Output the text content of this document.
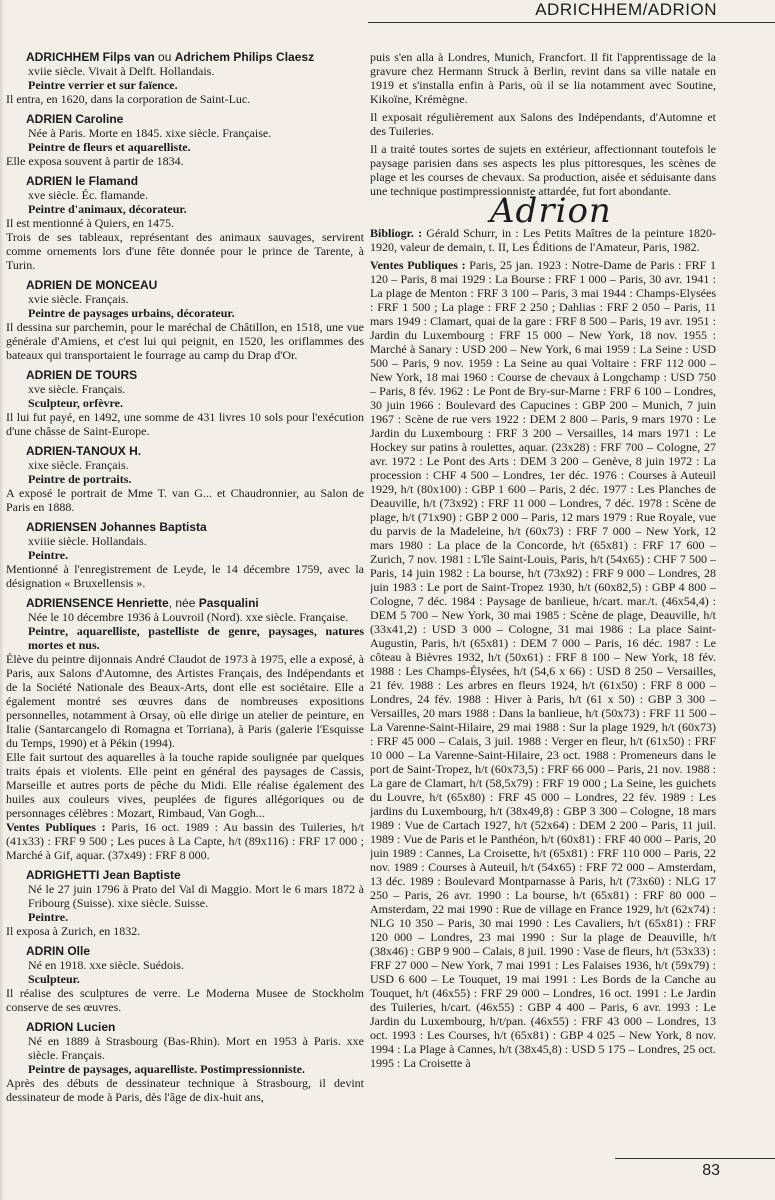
ADRICHHEM/ADRION
ADRICHHEM Filps van ou Adrichem Philips Claesz
xviie siècle. Vivait à Delft. Hollandais.
Peintre verrier et sur faïence.
Il entra, en 1620, dans la corporation de Saint-Luc.
ADRIEN Caroline
Née à Paris. Morte en 1845. xixe siècle. Française.
Peintre de fleurs et aquarelliste.
Elle exposa souvent à partir de 1834.
ADRIEN le Flamand
xve siècle. Éc. flamande.
Peintre d'animaux, décorateur.
Il est mentionné à Quiers, en 1475.
Trois de ses tableaux, représentant des animaux sauvages, servirent comme ornements lors d'une fête donnée pour le prince de Tarente, à Turin.
ADRIEN DE MONCEAU
xvie siècle. Français.
Peintre de paysages urbains, décorateur.
Il dessina sur parchemin, pour le maréchal de Châtillon, en 1518, une vue générale d'Amiens, et c'est lui qui peignit, en 1520, les oriflammes des bateaux qui transportaient le fourrage au camp du Drap d'Or.
ADRIEN DE TOURS
xve siècle. Français.
Sculpteur, orfèvre.
Il lui fut payé, en 1492, une somme de 431 livres 10 sols pour l'exécution d'une châsse de Saint-Europe.
ADRIEN-TANOUX H.
xixe siècle. Français.
Peintre de portraits.
A exposé le portrait de Mme T. van G... et Chaudronnier, au Salon de Paris en 1888.
ADRIENSEN Johannes Baptista
xviiie siècle. Hollandais.
Peintre.
Mentionné à l'enregistrement de Leyde, le 14 décembre 1759, avec la désignation « Bruxellensis ».
ADRIENSENCE Henriette, née Pasqualini
Née le 10 décembre 1936 à Louvroil (Nord). xxe siècle. Française.
Peintre, aquarelliste, pastelliste de genre, paysages, natures mortes et nus.
Élève du peintre dijonnais André Claudot de 1973 à 1975, elle a exposé, à Paris, aux Salons d'Automne, des Artistes Français, des Indépendants et de la Société Nationale des Beaux-Arts, dont elle est sociétaire. Elle a également montré ses œuvres dans de nombreuses expositions personnelles, notamment à Orsay, où elle dirige un atelier de peinture, en Italie (Santarcangelo di Romagna et Torriana), à Paris (galerie l'Esquisse du Temps, 1990) et à Pékin (1994).
Elle fait surtout des aquarelles à la touche rapide soulignée par quelques traits épais et violents. Elle peint en général des paysages de Cassis, Marseille et autres ports de pêche du Midi. Elle réalise également des huiles aux couleurs vives, peuplées de figures allégoriques ou de personnages célèbres : Mozart, Rimbaud, Van Gogh...
Ventes Publiques : Paris, 16 oct. 1989 : Au bassin des Tuileries, h/t (41x33) : FRF 9 500 ; Les puces à La Capte, h/t (89x116) : FRF 17 000 ; Marché à Gif, aquar. (37x49) : FRF 8 000.
ADRIGHETTI Jean Baptiste
Né le 27 juin 1796 à Prato del Val di Maggio. Mort le 6 mars 1872 à Fribourg (Suisse). xixe siècle. Suisse.
Peintre.
Il exposa à Zurich, en 1832.
ADRIN Olle
Né en 1918. xxe siècle. Suédois.
Sculpteur.
Il réalise des sculptures de verre. Le Moderna Musee de Stockholm conserve de ses œuvres.
ADRION Lucien
Né en 1889 à Strasbourg (Bas-Rhin). Mort en 1953 à Paris. xxe siècle. Français.
Peintre de paysages, aquarelliste. Postimpressionniste.
Après des débuts de dessinateur technique à Strasbourg, il devint dessinateur de mode à Paris, dès l'âge de dix-huit ans,

puis s'en alla à Londres, Munich, Francfort. Il fit l'apprentissage de la gravure chez Hermann Struck à Berlin, revint dans sa ville natale en 1919 et s'installa enfin à Paris, où il se lia notamment avec Soutine, Kikoïne, Krémègne.

Il exposait régulièrement aux Salons des Indépendants, d'Automne et des Tuileries.

Il a traité toutes sortes de sujets en extérieur, affectionnant toutefois le paysage parisien dans ses aspects les plus pittoresques, les scènes de plage et les courses de chevaux. Sa production, aisée et séduisante dans une technique postimpressionniste attardée, fut fort abondante.

Adrion

Bibliogr. : Gérald Schurr, in : Les Petits Maîtres de la peinture 1820-1920, valeur de demain, t. II, Les Éditions de l'Amateur, Paris, 1982.

Ventes Publiques : Paris, 25 jan. 1923 : Notre-Dame de Paris : FRF 1 120 – Paris, 8 mai 1929 : La Bourse : FRF 1 000 – Paris, 30 avr. 1941 : La plage de Menton : FRF 3 100 – Paris, 3 mai 1944 : Champs-Elysées : FRF 1 500 ; La plage : FRF 2 250 ; Dahlias : FRF 2 050 – Paris, 11 mars 1949 : Clamart, quai de la gare : FRF 8 500 – Paris, 19 avr. 1951 : Jardin du Luxembourg : FRF 15 000 – New York, 18 nov. 1955 : Marché à Sanary : USD 200 – New York, 6 mai 1959 : La Seine : USD 500 – Paris, 9 nov. 1959 : La Seine au quai Voltaire : FRF 112 000 – New York, 18 mai 1960 : Course de chevaux à Longchamp : USD 750 – Paris, 8 fév. 1962 : Le Pont de Bry-sur-Marne : FRF 6 100 – Londres, 30 juin 1966 : Boulevard des Capucines : GBP 200 – Munich, 7 juin 1967 : Scène de rue vers 1922 : DEM 2 800 – Paris, 9 mars 1970 : Le Jardin du Luxembourg : FRF 3 200 – Versailles, 14 mars 1971 : Le Hockey sur patins à roulettes, aquar. (23x28) : FRF 700 – Cologne, 27 avr. 1972 : Le Pont des Arts : DEM 3 200 – Genève, 8 juin 1972 : La procession : CHF 4 500 – Londres, 1er déc. 1976 : Courses à Auteuil 1929, h/t (80x100) : GBP 1 600 – Paris, 2 déc. 1977 : Les Planches de Deauville, h/t (73x92) : FRF 11 000 – Londres, 7 déc. 1978 : Scène de plage, h/t (71x90) : GBP 2 000 – Paris, 12 mars 1979 : Rue Royale, vue du parvis de la Madeleine, h/t (60x73) : FRF 7 000 – New York, 12 mars 1980 : La place de la Concorde, h/t (65x81) : FRF 17 600 – Zurich, 7 nov. 1981 : L'île Saint-Louis, Paris, h/t (54x65) : CHF 7 500 – Paris, 14 juin 1982 : La bourse, h/t (73x92) : FRF 9 000 – Londres, 28 juin 1983 : Le port de Saint-Tropez 1930, h/t (60x82,5) : GBP 4 800 – Cologne, 7 déc. 1984 : Paysage de banlieue, h/cart. mar./t. (46x54,4) : DEM 5 700 – New York, 30 mai 1985 : Scène de plage, Deauville, h/t (33x41,2) : USD 3 000 – Cologne, 31 mai 1986 : La place Saint-Augustin, Paris, h/t (65x81) : DEM 7 000 – Paris, 16 déc. 1987 : Le côteau à Bièvres 1932, h/t (50x61) : FRF 8 100 – New York, 18 fév. 1988 : Les Champs-Élysées, h/t (54,6 x 66) : USD 8 250 – Versailles, 21 fév. 1988 : Les arbres en fleurs 1924, h/t (61x50) : FRF 8 000 – Londres, 24 fév. 1988 : Hiver à Paris, h/t (61 x 50) : GBP 3 300 – Versailles, 20 mars 1988 : Dans la banlieue, h/t (50x73) : FRF 11 500 – La Varenne-Saint-Hilaire, 29 mai 1988 : Sur la plage 1929, h/t (60x73) : FRF 45 000 – Calais, 3 juil. 1988 : Verger en fleur, h/t (61x50) : FRF 10 000 – La Varenne-Saint-Hilaire, 23 oct. 1988 : Promeneurs dans le port de Saint-Tropez, h/t (60x73,5) : FRF 66 000 – Paris, 21 nov. 1988 : La gare de Clamart, h/t (58,5x79) : FRF 19 000 ; La Seine, les guichets du Louvre, h/t (65x80) : FRF 45 000 – Londres, 22 fév. 1989 : Les jardins du Luxembourg, h/t (38x49,8) : GBP 3 300 – Cologne, 18 mars 1989 : Vue de Cartach 1927, h/t (52x64) : DEM 2 200 – Paris, 11 juil. 1989 : Vue de Paris et le Panthéon, h/t (60x81) : FRF 40 000 – Paris, 20 juin 1989 : Cannes, La Croisette, h/t (65x81) : FRF 110 000 – Paris, 22 nov. 1989 : Courses à Auteuil, h/t (54x65) : FRF 72 000 – Amsterdam, 13 déc. 1989 : Boulevard Montparnasse à Paris, h/t (73x60) : NLG 17 250 – Paris, 26 avr. 1990 : La bourse, h/t (65x81) : FRF 80 000 – Amsterdam, 22 mai 1990 : Rue de village en France 1929, h/t (62x74) : NLG 10 350 – Paris, 30 mai 1990 : Les Cavaliers, h/t (65x81) : FRF 120 000 – Londres, 23 mai 1990 : Sur la plage de Deauville, h/t (38x46) : GBP 9 900 – Calais, 8 juil. 1990 : Vase de fleurs, h/t (53x33) : FRF 27 000 – New York, 7 mai 1991 : Les Falaises 1936, h/t (59x79) : USD 6 600 – Le Touquet, 19 mai 1991 : Les Bords de la Canche au Touquet, h/t (46x55) : FRF 29 000 – Londres, 16 oct. 1991 : Le Jardin des Tuileries, h/cart. (46x55) : GBP 4 400 – Paris, 6 avr. 1993 : Le Jardin du Luxembourg, h/t/pan. (46x55) : FRF 43 000 – Londres, 13 oct. 1993 : Les Courses, h/t (65x81) : GBP 4 025 – New York, 8 nov. 1994 : La Plage à Cannes, h/t (38x45,8) : USD 5 175 – Londres, 25 oct. 1995 : La Croisette à

83
